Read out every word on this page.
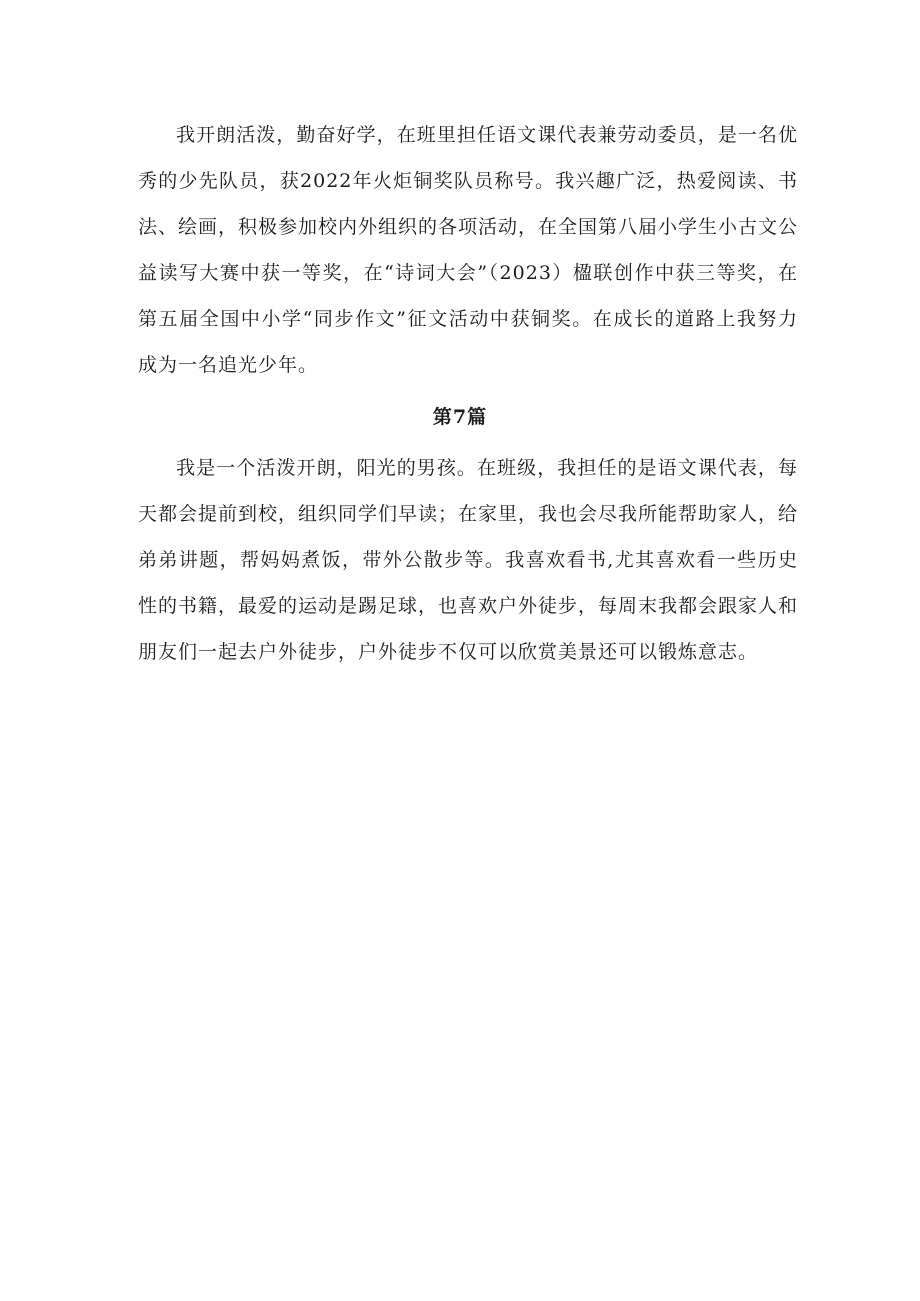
我开朗活泼，勤奋好学，在班里担任语文课代表兼劳动委员，是一名优秀的少先队员，获2022年火炬铜奖队员称号。我兴趣广泛，热爱阅读、书法、绘画，积极参加校内外组织的各项活动，在全国第八届小学生小古文公益读写大赛中获一等奖，在“诗词大会”（2023）楹联创作中获三等奖，在第五届全国中小学“同步作文”征文活动中获铜奖。在成长的道路上我努力成为一名追光少年。

第7篇

我是一个活泼开朗，阳光的男孩。在班级，我担任的是语文课代表，每天都会提前到校，组织同学们早读；在家里，我也会尽我所能帮助家人，给弟弟讲题，帮妈妈煮饭，带外公散步等。我喜欢看书,尤其喜欢看一些历史性的书籍，最爱的运动是踢足球，也喜欢户外徒步，每周末我都会跟家人和朋友们一起去户外徒步，户外徒步不仅可以欣赏美景还可以锻炼意志。
